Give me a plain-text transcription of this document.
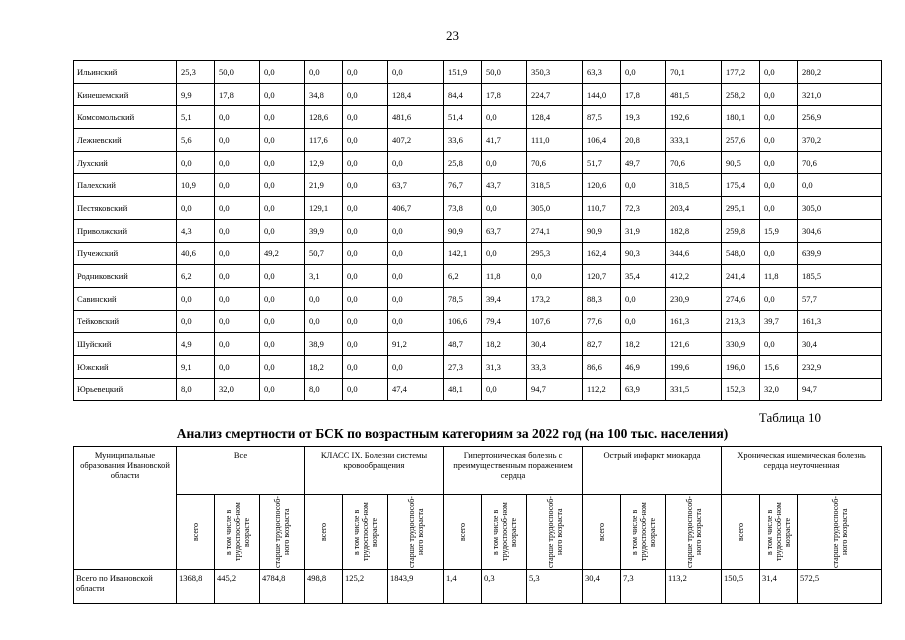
23
Ильинский	25,3	50,0	0,0	0,0	0,0	0,0	151,9	50,0	350,3	63,3	0,0	70,1	177,2	0,0	280,2
Кинешемский	9,9	17,8	0,0	34,8	0,0	128,4	84,4	17,8	224,7	144,0	17,8	481,5	258,2	0,0	321,0
Комсомольский	5,1	0,0	0,0	128,6	0,0	481,6	51,4	0,0	128,4	87,5	19,3	192,6	180,1	0,0	256,9
Лежневский	5,6	0,0	0,0	117,6	0,0	407,2	33,6	41,7	111,0	106,4	20,8	333,1	257,6	0,0	370,2
Лухский	0,0	0,0	0,0	12,9	0,0	0,0	25,8	0,0	70,6	51,7	49,7	70,6	90,5	0,0	70,6
Палехский	10,9	0,0	0,0	21,9	0,0	63,7	76,7	43,7	318,5	120,6	0,0	318,5	175,4	0,0	0,0
Пестяковский	0,0	0,0	0,0	129,1	0,0	406,7	73,8	0,0	305,0	110,7	72,3	203,4	295,1	0,0	305,0
Приволжский	4,3	0,0	0,0	39,9	0,0	0,0	90,9	63,7	274,1	90,9	31,9	182,8	259,8	15,9	304,6
Пучежский	40,6	0,0	49,2	50,7	0,0	0,0	142,1	0,0	295,3	162,4	90,3	344,6	548,0	0,0	639,9
Родниковский	6,2	0,0	0,0	3,1	0,0	0,0	6,2	11,8	0,0	120,7	35,4	412,2	241,4	11,8	185,5
Савинский	0,0	0,0	0,0	0,0	0,0	0,0	78,5	39,4	173,2	88,3	0,0	230,9	274,6	0,0	57,7
Тейковский	0,0	0,0	0,0	0,0	0,0	0,0	106,6	79,4	107,6	77,6	0,0	161,3	213,3	39,7	161,3
Шуйский	4,9	0,0	0,0	38,9	0,0	91,2	48,7	18,2	30,4	82,7	18,2	121,6	330,9	0,0	30,4
Южский	9,1	0,0	0,0	18,2	0,0	0,0	27,3	31,3	33,3	86,6	46,9	199,6	196,0	15,6	232,9
Юрьевецкий	8,0	32,0	0,0	8,0	0,0	47,4	48,1	0,0	94,7	112,2	63,9	331,5	152,3	32,0	94,7
Таблица 10
Анализ смертности от БСК по возрастным категориям за 2022 год (на 100 тыс. населения)
Муниципальные образования Ивановской области	Все			КЛАСС IX. Болезни системы кровообращения			Гипертоническая болезнь с преимущественным поражением сердца			Острый инфаркт миокарда			Хроническая ишемическая болезнь сердца неуточненная		

	всего	в том числе в трудоспособ-ном возрасте	старше трудоспособ-ного возраста	всего	в том числе в трудоспособ-ном возрасте	старше трудоспособ-ного возраста	всего	в том числе в трудоспособ-ном возрасте	старше трудоспособ-ного возраста	всего	в том числе в трудоспособ-ном возрасте	старше трудоспособ-ного возраста	всего	в том числе в трудоспособ-ном возрасте	старше трудоспособ-ного возраста

Всего по Ивановской области	1368,8	445,2	4784,8	498,8	125,2	1843,9	1,4	0,3	5,3	30,4	7,3	113,2	150,5	31,4	572,5
